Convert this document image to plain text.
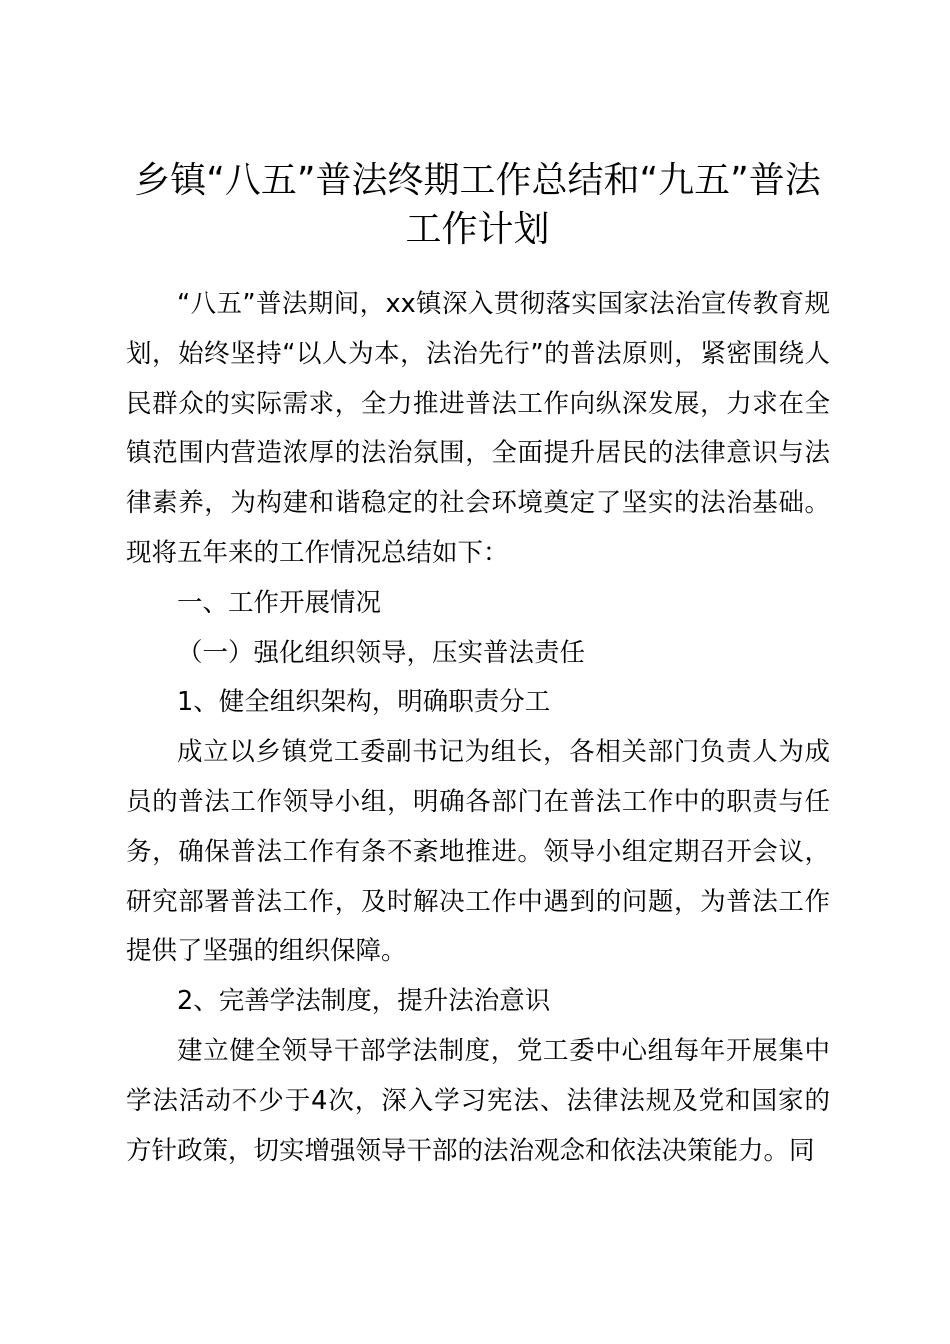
乡镇“八五”普法终期工作总结和“九五”普法工作计划

“八五”普法期间，xx镇深入贯彻落实国家法治宣传教育规划，始终坚持“以人为本，法治先行”的普法原则，紧密围绕人民群众的实际需求，全力推进普法工作向纵深发展，力求在全镇范围内营造浓厚的法治氛围，全面提升居民的法律意识与法律素养，为构建和谐稳定的社会环境奠定了坚实的法治基础。现将五年来的工作情况总结如下：

一、工作开展情况

（一）强化组织领导，压实普法责任

1、健全组织架构，明确职责分工

成立以乡镇党工委副书记为组长，各相关部门负责人为成员的普法工作领导小组，明确各部门在普法工作中的职责与任务，确保普法工作有条不紊地推进。领导小组定期召开会议，研究部署普法工作，及时解决工作中遇到的问题，为普法工作提供了坚强的组织保障。

2、完善学法制度，提升法治意识

建立健全领导干部学法制度，党工委中心组每年开展集中学法活动不少于4次，深入学习宪法、法律法规及党和国家的方针政策，切实增强领导干部的法治观念和依法决策能力。同
